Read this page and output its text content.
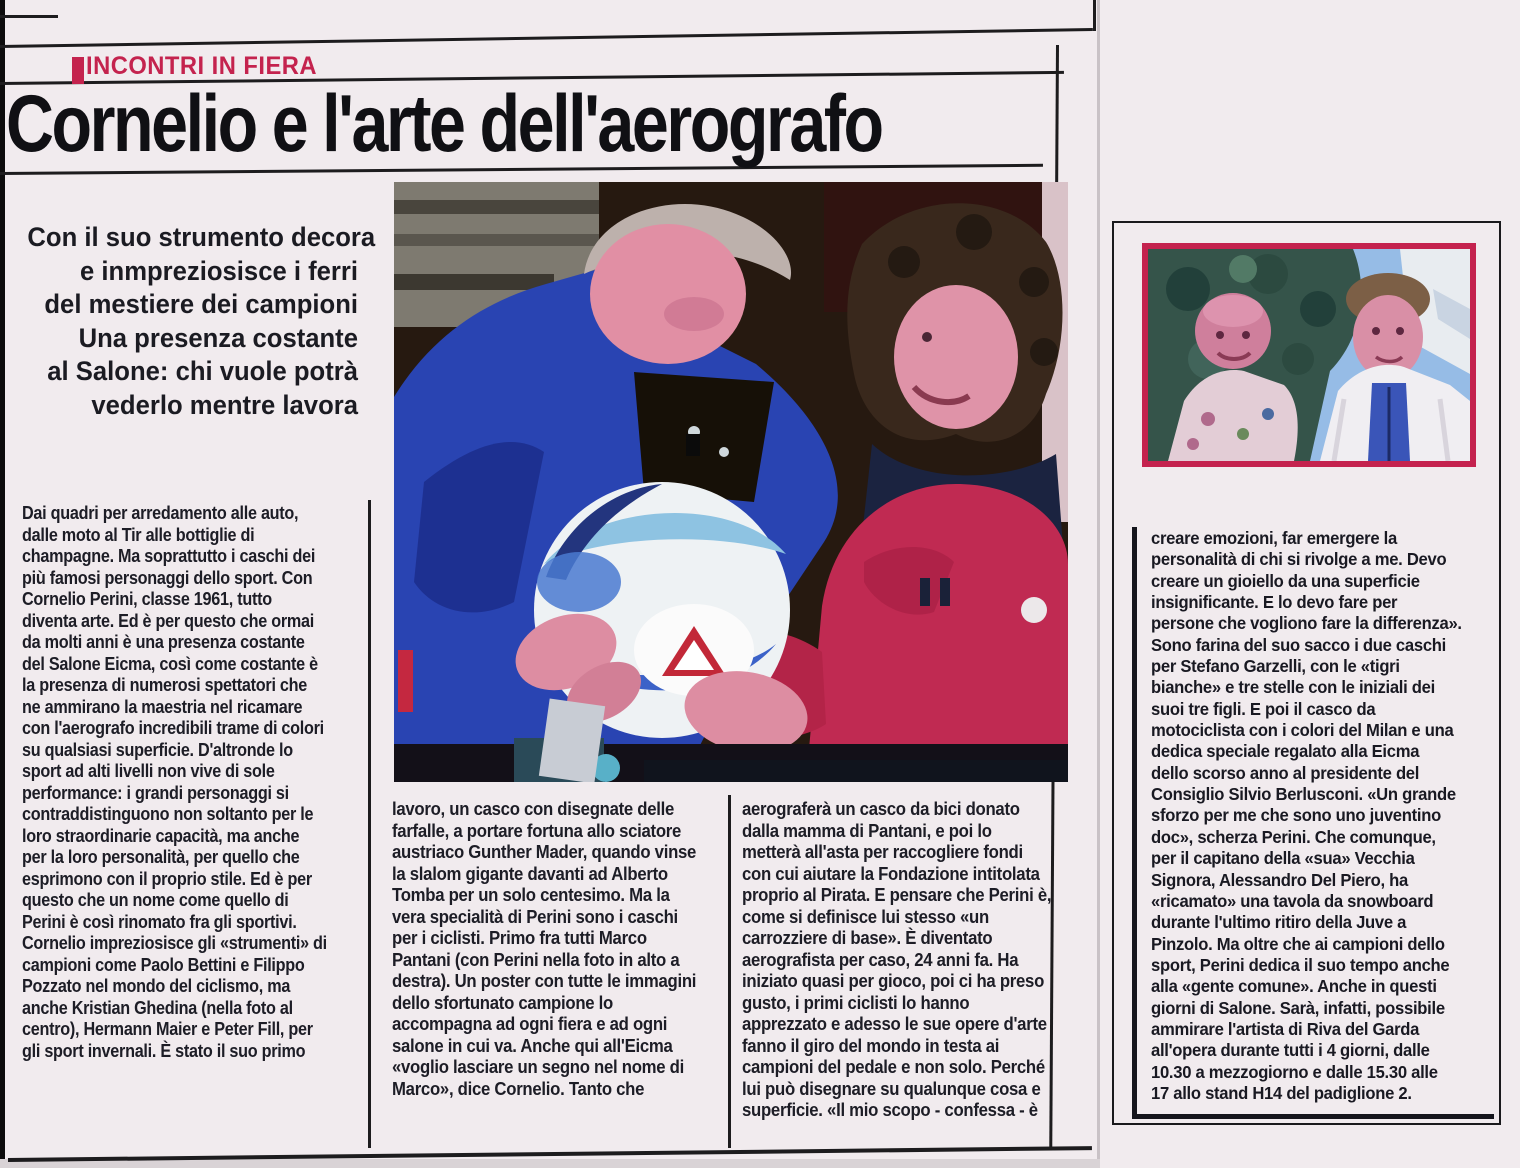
INCONTRI IN FIERA
Cornelio e l'arte dell'aerografo
Con il suo strumento decora
e inmpreziosisce i ferri
del mestiere dei campioni
Una presenza costante
al Salone: chi vuole potrà
vederlo mentre lavora
Dai quadri per arredamento alle auto,
dalle moto al Tir alle bottiglie di
champagne. Ma soprattutto i caschi dei
più famosi personaggi dello sport. Con
Cornelio Perini, classe 1961, tutto
diventa arte. Ed è per questo che ormai
da molti anni è una presenza costante
del Salone Eicma, così come costante è
la presenza di numerosi spettatori che
ne ammirano la maestria nel ricamare
con l'aerografo incredibili trame di colori
su qualsiasi superficie. D'altronde lo
sport ad alti livelli non vive di sole
performance: i grandi personaggi si
contraddistinguono non soltanto per le
loro straordinarie capacità, ma anche
per la loro personalità, per quello che
esprimono con il proprio stile. Ed è per
questo che un nome come quello di
Perini è così rinomato fra gli sportivi.
Cornelio impreziosisce gli «strumenti» di
campioni come Paolo Bettini e Filippo
Pozzato nel mondo del ciclismo, ma
anche Kristian Ghedina (nella foto al
centro), Hermann Maier e Peter Fill, per
gli sport invernali. È stato il suo primo
lavoro, un casco con disegnate delle
farfalle, a portare fortuna allo sciatore
austriaco Gunther Mader, quando vinse
la slalom gigante davanti ad Alberto
Tomba per un solo centesimo. Ma la
vera specialità di Perini sono i caschi
per i ciclisti. Primo fra tutti Marco
Pantani (con Perini nella foto in alto a
destra). Un poster con tutte le immagini
dello sfortunato campione lo
accompagna ad ogni fiera e ad ogni
salone in cui va. Anche qui all'Eicma
«voglio lasciare un segno nel nome di
Marco», dice Cornelio. Tanto che
aerograferà un casco da bici donato
dalla mamma di Pantani, e poi lo
metterà all'asta per raccogliere fondi
con cui aiutare la Fondazione intitolata
proprio al Pirata. E pensare che Perini è,
come si definisce lui stesso «un
carrozziere di base». È diventato
aerografista per caso, 24 anni fa. Ha
iniziato quasi per gioco, poi ci ha preso
gusto, i primi ciclisti lo hanno
apprezzato e adesso le sue opere d'arte
fanno il giro del mondo in testa ai
campioni del pedale e non solo. Perché
lui può disegnare su qualunque cosa e
superficie. «Il mio scopo - confessa - è
creare emozioni, far emergere la
personalità di chi si rivolge a me. Devo
creare un gioiello da una superficie
insignificante. E lo devo fare per
persone che vogliono fare la differenza».
Sono farina del suo sacco i due caschi
per Stefano Garzelli, con le «tigri
bianche» e tre stelle con le iniziali dei
suoi tre figli. E poi il casco da
motociclista con i colori del Milan e una
dedica speciale regalato alla Eicma
dello scorso anno al presidente del
Consiglio Silvio Berlusconi. «Un grande
sforzo per me che sono uno juventino
doc», scherza Perini. Che comunque,
per il capitano della «sua» Vecchia
Signora, Alessandro Del Piero, ha
«ricamato» una tavola da snowboard
durante l'ultimo ritiro della Juve a
Pinzolo. Ma oltre che ai campioni dello
sport, Perini dedica il suo tempo anche
alla «gente comune». Anche in questi
giorni di Salone. Sarà, infatti, possibile
ammirare l'artista di Riva del Garda
all'opera durante tutti i 4 giorni, dalle
10.30 a mezzogiorno e dalle 15.30 alle
17 allo stand H14 del padiglione 2.
